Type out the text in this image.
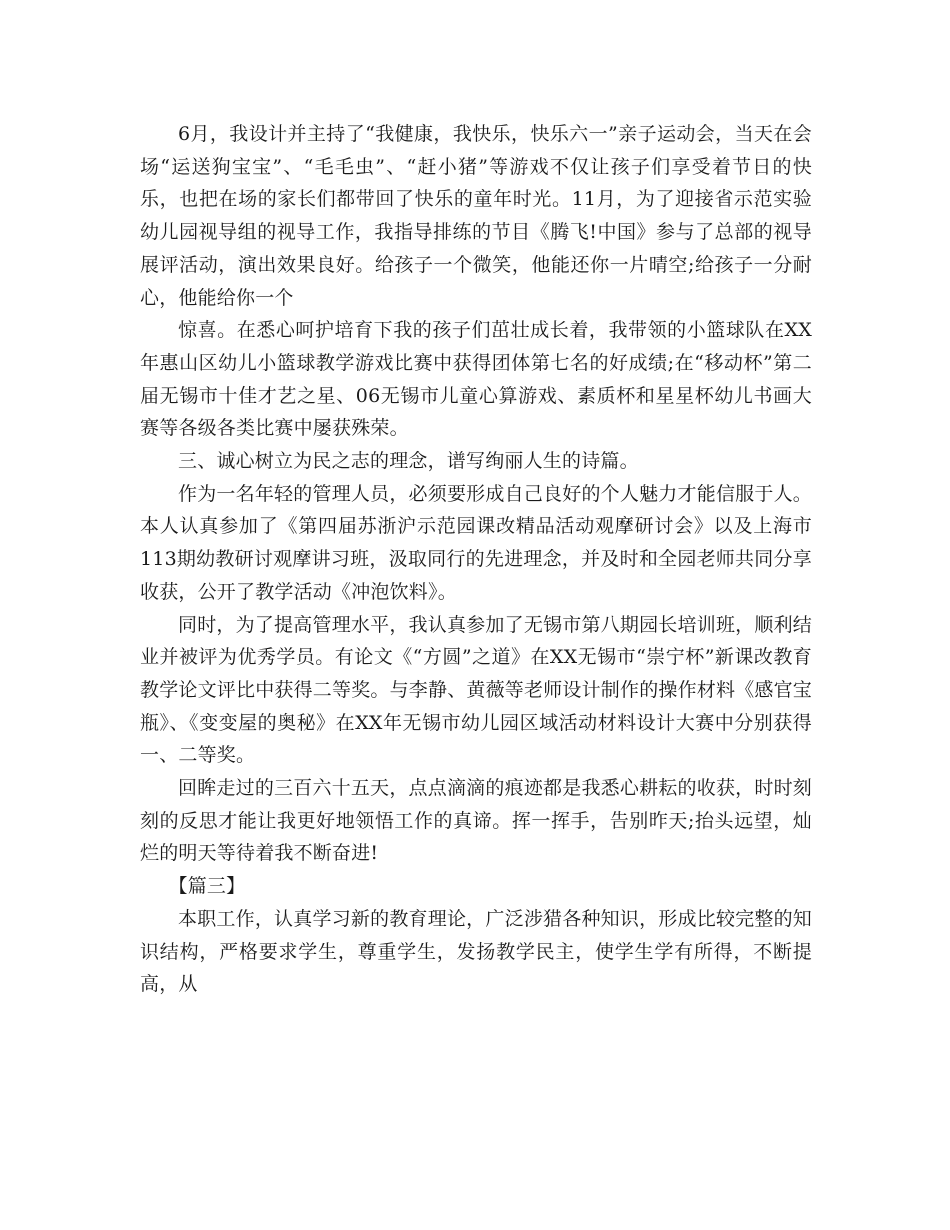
6月，我设计并主持了“我健康，我快乐，快乐六一”亲子运动会，当天在会场“运送狗宝宝”、“毛毛虫”、“赶小猪”等游戏不仅让孩子们享受着节日的快乐，也把在场的家长们都带回了快乐的童年时光。11月，为了迎接省示范实验幼儿园视导组的视导工作，我指导排练的节目《腾飞!中国》参与了总部的视导展评活动，演出效果良好。给孩子一个微笑，他能还你一片晴空;给孩子一分耐心，他能给你一个

惊喜。在悉心呵护培育下我的孩子们茁壮成长着，我带领的小篮球队在XX年惠山区幼儿小篮球教学游戏比赛中获得团体第七名的好成绩;在“移动杯”第二届无锡市十佳才艺之星、06无锡市儿童心算游戏、素质杯和星星杯幼儿书画大赛等各级各类比赛中屡获殊荣。

三、诚心树立为民之志的理念，谱写绚丽人生的诗篇。

作为一名年轻的管理人员，必须要形成自己良好的个人魅力才能信服于人。本人认真参加了《第四届苏浙沪示范园课改精品活动观摩研讨会》以及上海市113期幼教研讨观摩讲习班，汲取同行的先进理念，并及时和全园老师共同分享收获，公开了教学活动《冲泡饮料》。

同时，为了提高管理水平，我认真参加了无锡市第八期园长培训班，顺利结业并被评为优秀学员。有论文《“方圆”之道》在XX无锡市“崇宁杯”新课改教育教学论文评比中获得二等奖。与李静、黄薇等老师设计制作的操作材料《感官宝瓶》、《变变屋的奥秘》在XX年无锡市幼儿园区域活动材料设计大赛中分别获得一、二等奖。

回眸走过的三百六十五天，点点滴滴的痕迹都是我悉心耕耘的收获，时时刻刻的反思才能让我更好地领悟工作的真谛。挥一挥手，告别昨天;抬头远望，灿烂的明天等待着我不断奋进!

【篇三】

本职工作，认真学习新的教育理论，广泛涉猎各种知识，形成比较完整的知识结构，严格要求学生，尊重学生，发扬教学民主，使学生学有所得，不断提高，从
